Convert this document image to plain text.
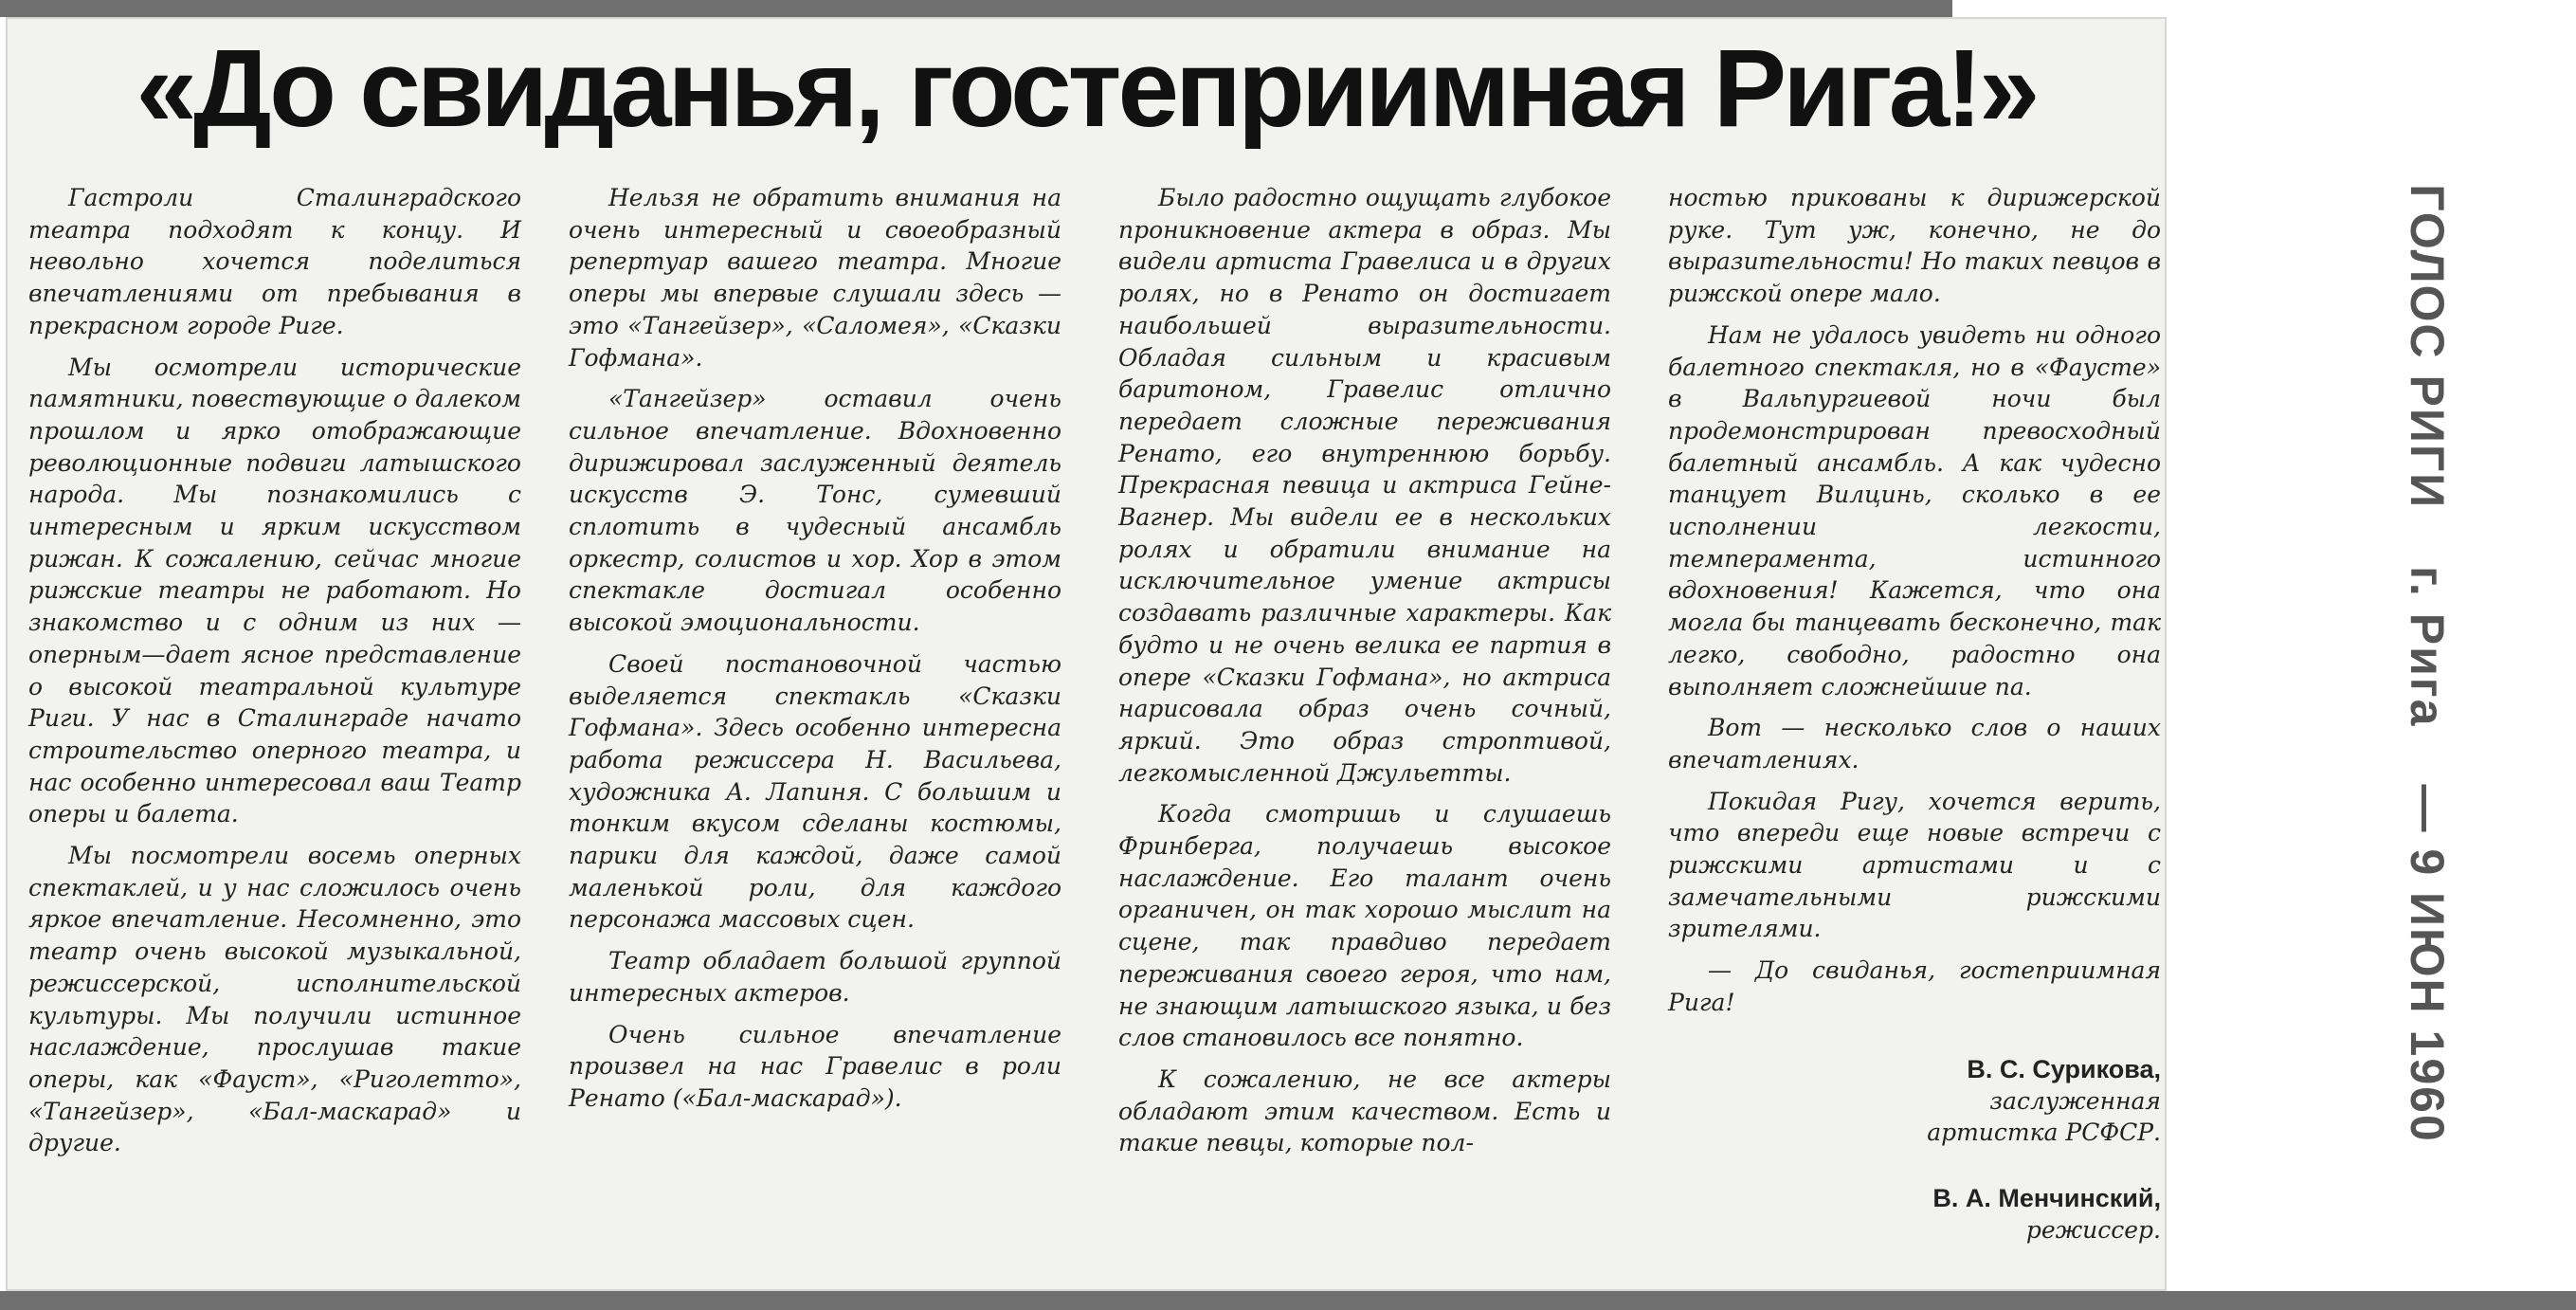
«До свиданья, гостеприимная Рига!»

Гастроли Сталинградского театра подходят к концу. И невольно хочется поделиться впечатлениями от пребывания в прекрасном городе Риге.

Мы осмотрели исторические памятники, повествующие о далеком прошлом и ярко отображающие революционные подвиги латышского народа. Мы познакомились с интересным и ярким искусством рижан. К сожалению, сейчас многие рижские театры не работают. Но знакомство и с одним из них — оперным—дает ясное представление о высокой театральной культуре Риги. У нас в Сталинграде начато строительство оперного театра, и нас особенно интересовал ваш Театр оперы и балета.

Мы посмотрели восемь оперных спектаклей, и у нас сложилось очень яркое впечатление. Несомненно, это театр очень высокой музыкальной, режиссерской, исполнительской культуры. Мы получили истинное наслаждение, прослушав такие оперы, как «Фауст», «Риголетто», «Тангейзер», «Бал-маскарад» и другие.

Нельзя не обратить внимания на очень интересный и своеобразный репертуар вашего театра. Многие оперы мы впервые слушали здесь — это «Тангейзер», «Саломея», «Сказки Гофмана».

«Тангейзер» оставил очень сильное впечатление. Вдохновенно дирижировал заслуженный деятель искусств Э. Тонс, сумевший сплотить в чудесный ансамбль оркестр, солистов и хор. Хор в этом спектакле достигал особенно высокой эмоциональности.

Своей постановочной частью выделяется спектакль «Сказки Гофмана». Здесь особенно интересна работа режиссера Н. Васильева, художника А. Лапиня. С большим и тонким вкусом сделаны костюмы, парики для каждой, даже самой маленькой роли, для каждого персонажа массовых сцен.

Театр обладает большой группой интересных актеров.

Очень сильное впечатление произвел на нас Гравелис в роли Ренато («Бал-маскарад»).

Было радостно ощущать глубокое проникновение актера в образ. Мы видели артиста Гравелиса и в других ролях, но в Ренато он достигает наибольшей выразительности. Обладая сильным и красивым баритоном, Гравелис отлично передает сложные переживания Ренато, его внутреннюю борьбу. Прекрасная певица и актриса Гейне-Вагнер. Мы видели ее в нескольких ролях и обратили внимание на исключительное умение актрисы создавать различные характеры. Как будто и не очень велика ее партия в опере «Сказки Гофмана», но актриса нарисовала образ очень сочный, яркий. Это образ строптивой, легкомысленной Джульетты.

Когда смотришь и слушаешь Фринберга, получаешь высокое наслаждение. Его талант очень органичен, он так хорошо мыслит на сцене, так правдиво передает переживания своего героя, что нам, не знающим латышского языка, и без слов становилось все понятно.

К сожалению, не все актеры обладают этим качеством. Есть и такие певцы, которые пол-

ностью прикованы к дирижерской руке. Тут уж, конечно, не до выразительности! Но таких певцов в рижской опере мало.

Нам не удалось увидеть ни одного балетного спектакля, но в «Фаусте» в Вальпургиевой ночи был продемонстрирован превосходный балетный ансамбль. А как чудесно танцует Вилцинь, сколько в ее исполнении легкости, темперамента, истинного вдохновения! Кажется, что она могла бы танцевать бесконечно, так легко, свободно, радостно она выполняет сложнейшие па.

Вот — несколько слов о наших впечатлениях.

Покидая Ригу, хочется верить, что впереди еще новые встречи с рижскими артистами и с замечательными рижскими зрителями.

— До свиданья, гостеприимная Рига!

В. С. Сурикова,
заслуженная
артистка РСФСР.
В. А. Менчинский,
режиссер.
ГОЛОС РИГИг. Рига— 9 ИЮН 1960
